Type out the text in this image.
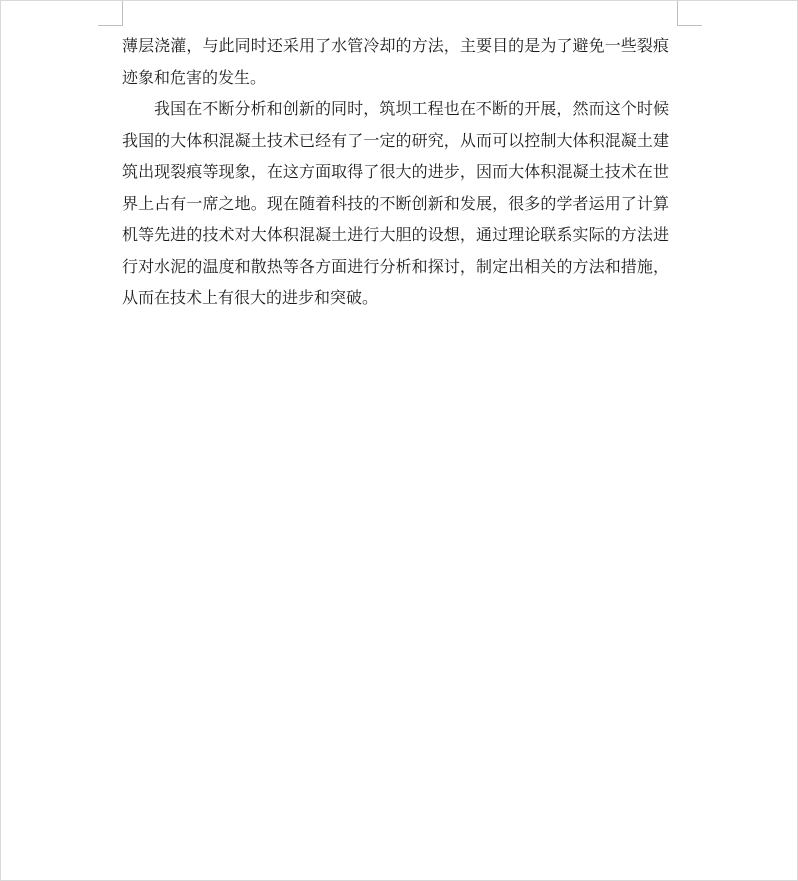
薄层浇灌，与此同时还采用了水管冷却的方法，主要目的是为了避免一些裂痕迹象和危害的发生。

我国在不断分析和创新的同时，筑坝工程也在不断的开展，然而这个时候我国的大体积混凝土技术已经有了一定的研究，从而可以控制大体积混凝土建筑出现裂痕等现象，在这方面取得了很大的进步，因而大体积混凝土技术在世界上占有一席之地。现在随着科技的不断创新和发展，很多的学者运用了计算机等先进的技术对大体积混凝土进行大胆的设想，通过理论联系实际的方法进行对水泥的温度和散热等各方面进行分析和探讨，制定出相关的方法和措施，从而在技术上有很大的进步和突破。
